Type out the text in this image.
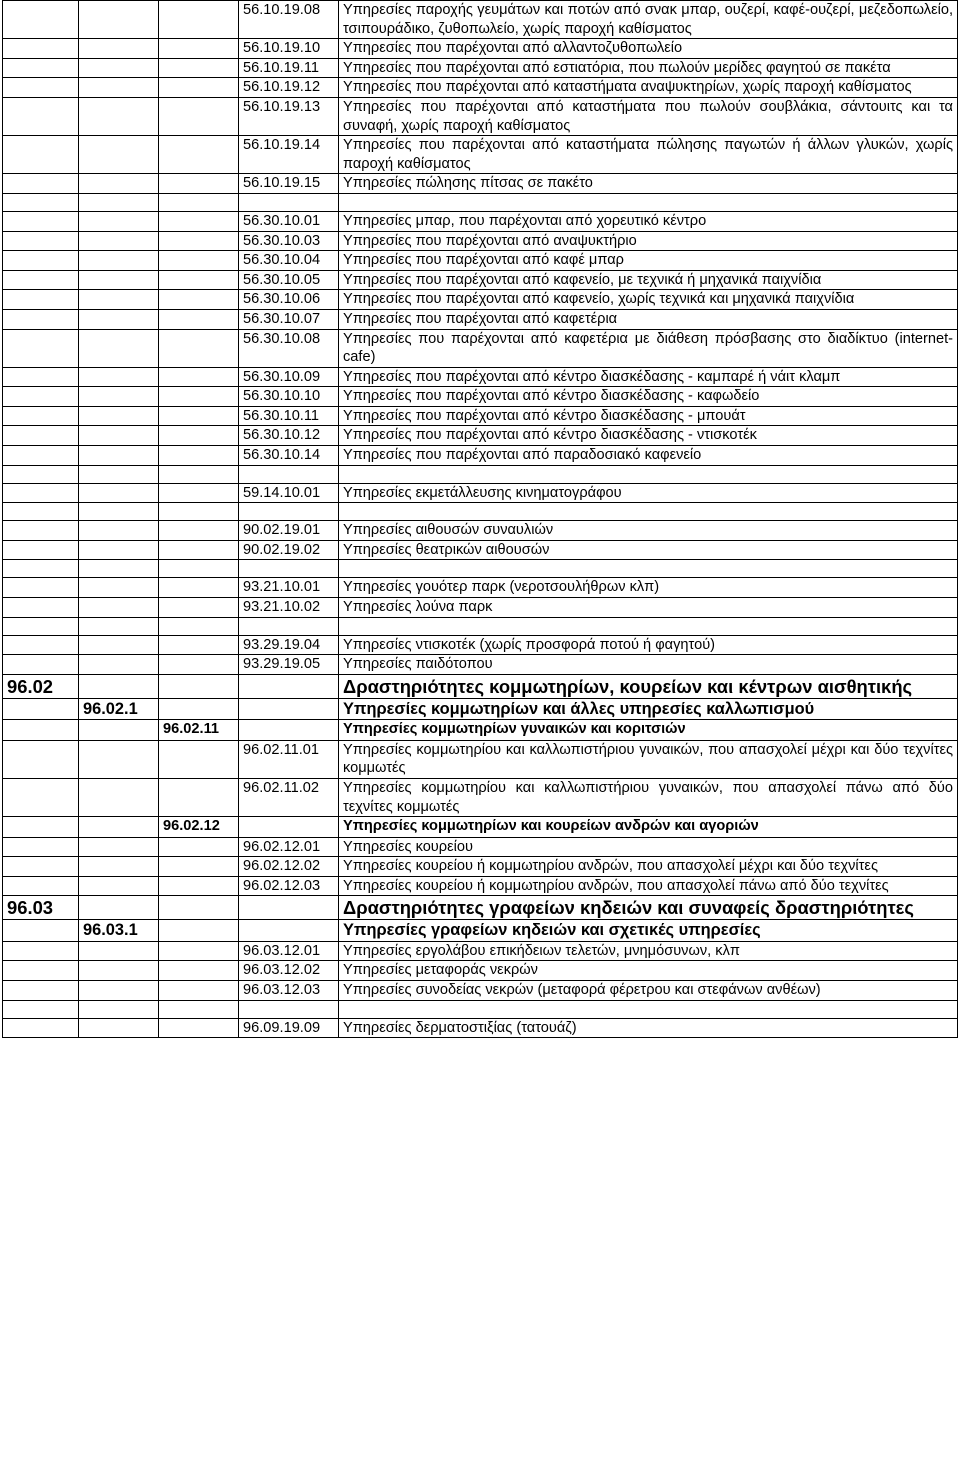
			56.10.19.08	Υπηρεσίες παροχής γευμάτων και ποτών από σνακ μπαρ, ουζερί, καφέ-ουζερί, μεζεδοπωλείο, τσιπουράδικο, ζυθοπωλείο, χωρίς παροχή καθίσματος
			56.10.19.10	Υπηρεσίες που παρέχονται από αλλαντοζυθοπωλείο
			56.10.19.11	Υπηρεσίες που παρέχονται από εστιατόρια, που πωλούν μερίδες φαγητού σε πακέτα
			56.10.19.12	Υπηρεσίες που παρέχονται από καταστήματα αναψυκτηρίων, χωρίς παροχή καθίσματος
			56.10.19.13	Υπηρεσίες που παρέχονται από καταστήματα που πωλούν σουβλάκια, σάντουιτς και τα συναφή, χωρίς παροχή καθίσματος
			56.10.19.14	Υπηρεσίες που παρέχονται από καταστήματα πώλησης παγωτών ή άλλων γλυκών, χωρίς παροχή καθίσματος
			56.10.19.15	Υπηρεσίες πώλησης πίτσας σε πακέτο

			56.30.10.01	Υπηρεσίες μπαρ, που παρέχονται από χορευτικό κέντρο
			56.30.10.03	Υπηρεσίες που παρέχονται από αναψυκτήριο
			56.30.10.04	Υπηρεσίες που παρέχονται από καφέ μπαρ
			56.30.10.05	Υπηρεσίες που παρέχονται από καφενείο, με τεχνικά ή μηχανικά παιχνίδια
			56.30.10.06	Υπηρεσίες που παρέχονται από καφενείο, χωρίς τεχνικά και μηχανικά παιχνίδια
			56.30.10.07	Υπηρεσίες που παρέχονται από καφετέρια
			56.30.10.08	Υπηρεσίες που παρέχονται από καφετέρια με διάθεση πρόσβασης στο διαδίκτυο (internet-cafe)
			56.30.10.09	Υπηρεσίες που παρέχονται από κέντρο διασκέδασης - καμπαρέ ή νάιτ κλαμπ
			56.30.10.10	Υπηρεσίες που παρέχονται από κέντρο διασκέδασης - καφωδείο
			56.30.10.11	Υπηρεσίες που παρέχονται από κέντρο διασκέδασης - μπουάτ
			56.30.10.12	Υπηρεσίες που παρέχονται από κέντρο διασκέδασης - ντισκοτέκ
			56.30.10.14	Υπηρεσίες που παρέχονται από παραδοσιακό καφενείο

			59.14.10.01	Υπηρεσίες εκμετάλλευσης κινηματογράφου

			90.02.19.01	Υπηρεσίες αιθουσών συναυλιών
			90.02.19.02	Υπηρεσίες θεατρικών αιθουσών

			93.21.10.01	Υπηρεσίες γουότερ παρκ (νεροτσουλήθρων κλπ)
			93.21.10.02	Υπηρεσίες λούνα παρκ

			93.29.19.04	Υπηρεσίες ντισκοτέκ (χωρίς προσφορά ποτού ή φαγητού)
			93.29.19.05	Υπηρεσίες παιδότοπου
96.02				Δραστηριότητες κομμωτηρίων, κουρείων και κέντρων αισθητικής
	96.02.1			Υπηρεσίες κομμωτηρίων και άλλες υπηρεσίες καλλωπισμού
		96.02.11		Υπηρεσίες κομμωτηρίων γυναικών και κοριτσιών
			96.02.11.01	Υπηρεσίες κομμωτηρίου και καλλωπιστήριου γυναικών, που απασχολεί μέχρι και δύο τεχνίτες κομμωτές
			96.02.11.02	Υπηρεσίες κομμωτηρίου και καλλωπιστήριου γυναικών, που απασχολεί πάνω από δύο τεχνίτες κομμωτές
		96.02.12		Υπηρεσίες κομμωτηρίων και κουρείων ανδρών και αγοριών
			96.02.12.01	Υπηρεσίες κουρείου
			96.02.12.02	Υπηρεσίες κουρείου ή κομμωτηρίου ανδρών, που απασχολεί μέχρι και δύο τεχνίτες
			96.02.12.03	Υπηρεσίες κουρείου ή κομμωτηρίου ανδρών, που απασχολεί πάνω από δύο τεχνίτες
96.03				Δραστηριότητες γραφείων κηδειών και συναφείς δραστηριότητες
	96.03.1			Υπηρεσίες γραφείων κηδειών και σχετικές υπηρεσίες
			96.03.12.01	Υπηρεσίες εργολάβου επικήδειων τελετών, μνημόσυνων, κλπ
			96.03.12.02	Υπηρεσίες μεταφοράς νεκρών
			96.03.12.03	Υπηρεσίες συνοδείας νεκρών (μεταφορά φέρετρου και στεφάνων ανθέων)

			96.09.19.09	Υπηρεσίες δερματοστιξίας (τατουάζ)
